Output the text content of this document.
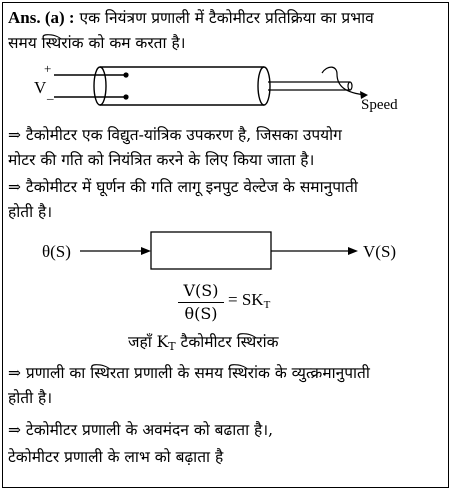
Ans. (a) : एक नियंत्रण प्रणाली में टैकोमीटर प्रतिक्रिया का प्रभाव
समय स्थिरांक को कम करता है।
+
V _
Speed
⇒ टैकोमीटर एक विद्युत-यांत्रिक उपकरण है, जिसका उपयोग
मोटर की गति को नियंत्रित करने के लिए किया जाता है।
⇒ टैकोमीटर में घूर्णन की गति लागू इनपुट वेल्टेज के समानुपाती
होती है।
θ(S)	V(S)
V(S)
θ(S)
= $SK_T$
जहाँ $K_T$ टैकोमीटर स्थिरांक
⇒ प्रणाली का स्थिरता प्रणाली के समय स्थिरांक के व्युत्क्रमानुपाती
होती है।
⇒ टेकोमीटर प्रणाली के अवमंदन को बढाता है।,
टेकोमीटर प्रणाली के लाभ को बढ़ाता है
